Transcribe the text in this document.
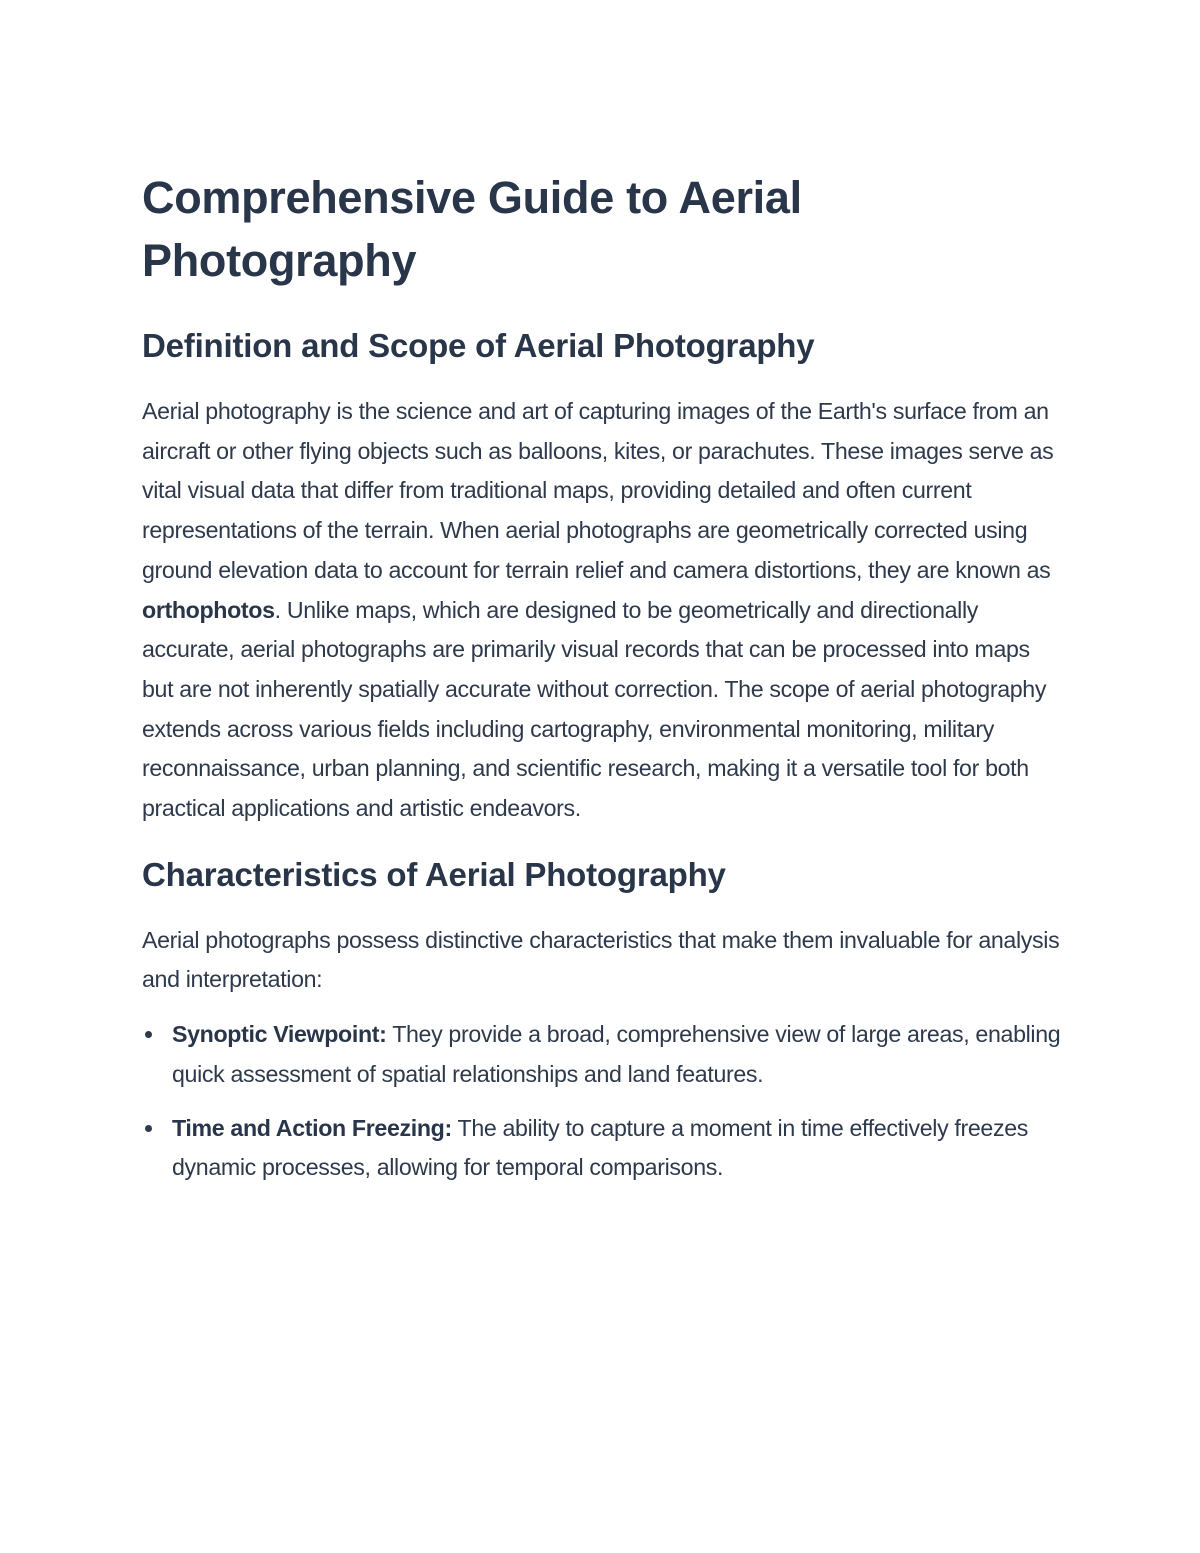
Comprehensive Guide to Aerial Photography
Definition and Scope of Aerial Photography

Aerial photography is the science and art of capturing images of the Earth's surface from an aircraft or other flying objects such as balloons, kites, or parachutes. These images serve as vital visual data that differ from traditional maps, providing detailed and often current representations of the terrain. When aerial photographs are geometrically corrected using ground elevation data to account for terrain relief and camera distortions, they are known as orthophotos. Unlike maps, which are designed to be geometrically and directionally accurate, aerial photographs are primarily visual records that can be processed into maps but are not inherently spatially accurate without correction. The scope of aerial photography extends across various fields including cartography, environmental monitoring, military reconnaissance, urban planning, and scientific research, making it a versatile tool for both practical applications and artistic endeavors.

Characteristics of Aerial Photography

Aerial photographs possess distinctive characteristics that make them invaluable for analysis and interpretation:

Synoptic Viewpoint: They provide a broad, comprehensive view of large areas, enabling quick assessment of spatial relationships and land features.
Time and Action Freezing: The ability to capture a moment in time effectively freezes dynamic processes, allowing for temporal comparisons.
